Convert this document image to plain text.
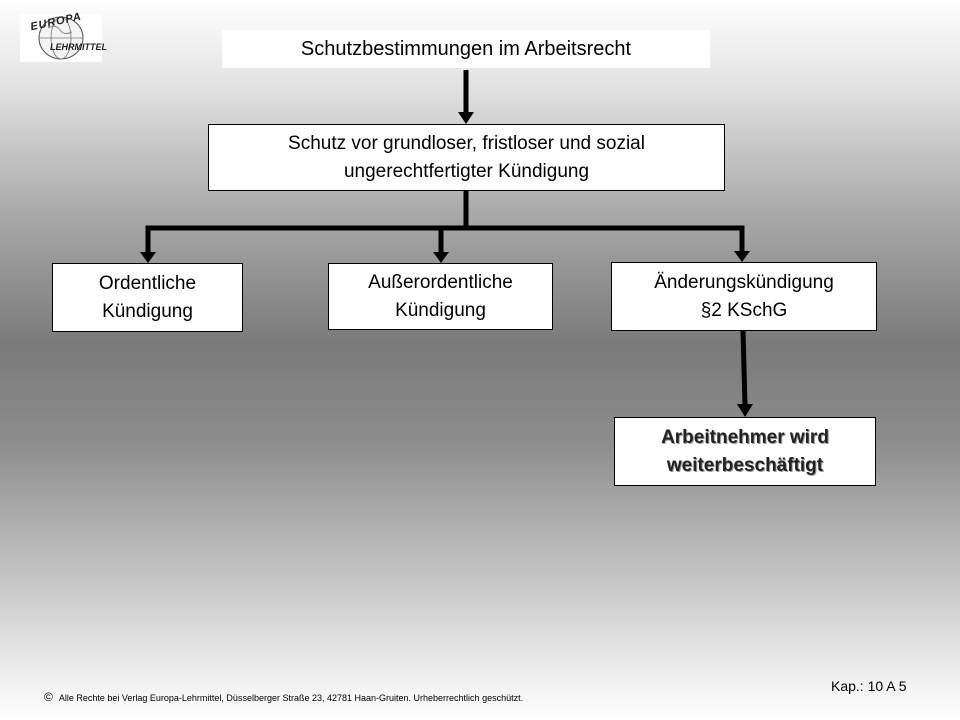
EUROPA
LEHRMITTEL	Schutzbestimmungen im Arbeitsrecht
Schutz vor grundloser, fristloser und sozial
ungerechtfertigter Kündigung
Ordentliche
Kündigung
Außerordentliche
Kündigung
Änderungskündigung
§2 KSchG
Arbeitnehmer wird
weiterbeschäftigt
© Alle Rechte bei Verlag Europa-Lehrmittel, Düsselberger Straße 23, 42781 Haan-Gruiten. Urheberrechtlich geschützt.
Kap.: 10 A 5
